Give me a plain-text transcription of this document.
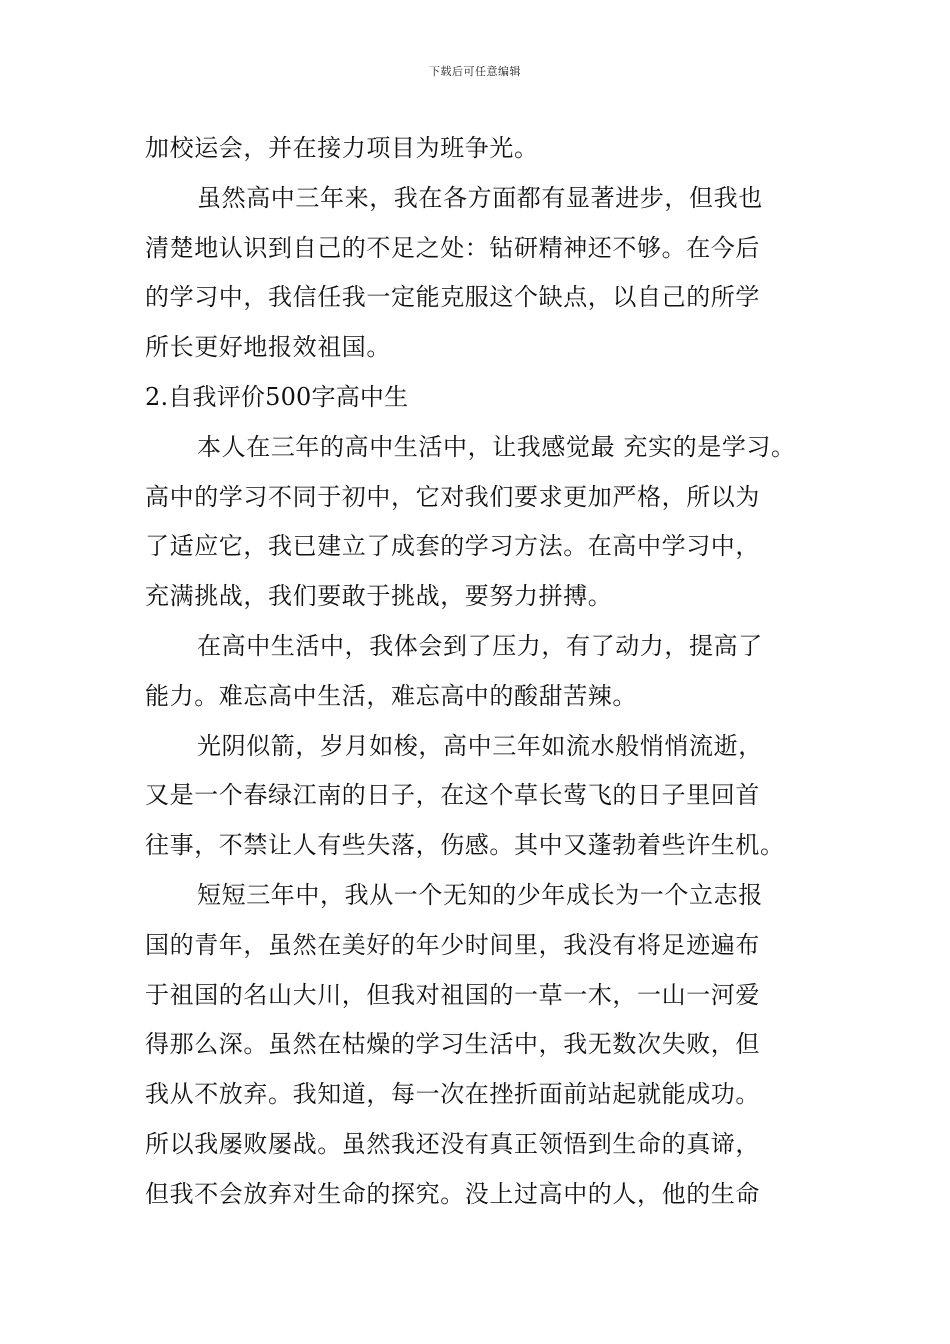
下载后可任意编辑
加校运会，并在接力项目为班争光。
虽然高中三年来，我在各方面都有显著进步，但我也
清楚地认识到自己的不足之处：钻研精神还不够。在今后
的学习中，我信任我一定能克服这个缺点，以自己的所学
所长更好地报效祖国。
2.自我评价500字高中生
本人在三年的高中生活中，让我感觉最 充实的是学习。
高中的学习不同于初中，它对我们要求更加严格，所以为
了适应它，我已建立了成套的学习方法。在高中学习中，
充满挑战，我们要敢于挑战，要努力拼搏。
在高中生活中，我体会到了压力，有了动力，提高了
能力。难忘高中生活，难忘高中的酸甜苦辣。
光阴似箭，岁月如梭，高中三年如流水般悄悄流逝，
又是一个春绿江南的日子，在这个草长莺飞的日子里回首
往事，不禁让人有些失落，伤感。其中又蓬勃着些许生机。
短短三年中，我从一个无知的少年成长为一个立志报
国的青年，虽然在美好的年少时间里，我没有将足迹遍布
于祖国的名山大川，但我对祖国的一草一木，一山一河爱
得那么深。虽然在枯燥的学习生活中，我无数次失败，但
我从不放弃。我知道，每一次在挫折面前站起就能成功。
所以我屡败屡战。虽然我还没有真正领悟到生命的真谛，
但我不会放弃对生命的探究。没上过高中的人，他的生命
